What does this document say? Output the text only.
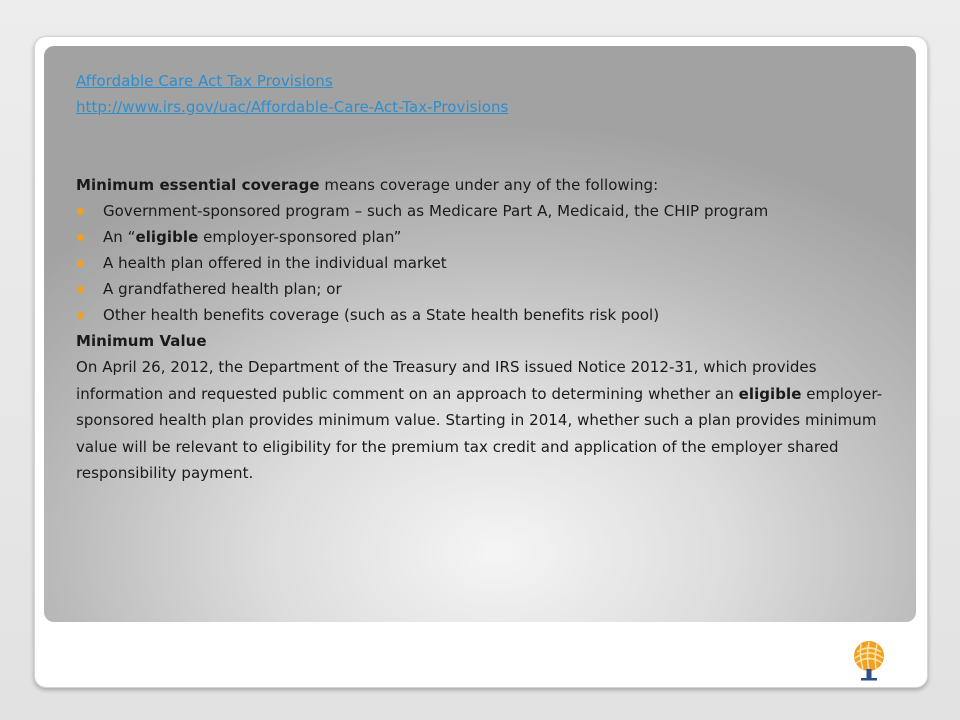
Affordable Care Act Tax Provisions
http://www.irs.gov/uac/Affordable-Care-Act-Tax-Provisions
Minimum essential coverage means coverage under any of the following:
Government-sponsored program – such as Medicare Part A, Medicaid, the CHIP program
An “eligible employer-sponsored plan”
A health plan offered in the individual market
A grandfathered health plan; or
Other health benefits coverage (such as a State health benefits risk pool)
Minimum Value

On April 26, 2012, the Department of the Treasury and IRS issued Notice 2012-31, which provides information and requested public comment on an approach to determining whether an eligible employer-sponsored health plan provides minimum value. Starting in 2014, whether such a plan provides minimum value will be relevant to eligibility for the premium tax credit and application of the employer shared responsibility payment.
